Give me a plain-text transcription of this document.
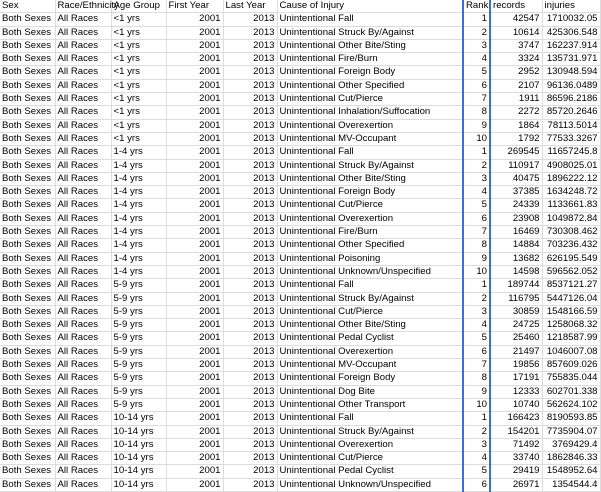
Sex	Race/Ethnicity	Age Group	First Year	Last Year	Cause of Injury	Rank	records	injuries
Both Sexes	All Races	<1 yrs	2001	2013	Unintentional Fall	1	42547	1710032.05
Both Sexes	All Races	<1 yrs	2001	2013	Unintentional Struck By/Against	2	10614	425306.548
Both Sexes	All Races	<1 yrs	2001	2013	Unintentional Other Bite/Sting	3	3747	162237.914
Both Sexes	All Races	<1 yrs	2001	2013	Unintentional Fire/Burn	4	3324	135731.971
Both Sexes	All Races	<1 yrs	2001	2013	Unintentional Foreign Body	5	2952	130948.594
Both Sexes	All Races	<1 yrs	2001	2013	Unintentional Other Specified	6	2107	96136.0489
Both Sexes	All Races	<1 yrs	2001	2013	Unintentional Cut/Pierce	7	1911	86596.2186
Both Sexes	All Races	<1 yrs	2001	2013	Unintentional Inhalation/Suffocation	8	2272	85720.2646
Both Sexes	All Races	<1 yrs	2001	2013	Unintentional Overexertion	9	1864	78113.5014
Both Sexes	All Races	<1 yrs	2001	2013	Unintentional MV-Occupant	10	1792	77533.3267
Both Sexes	All Races	1-4 yrs	2001	2013	Unintentional Fall	1	269545	11657245.8
Both Sexes	All Races	1-4 yrs	2001	2013	Unintentional Struck By/Against	2	110917	4908025.01
Both Sexes	All Races	1-4 yrs	2001	2013	Unintentional Other Bite/Sting	3	40475	1896222.12
Both Sexes	All Races	1-4 yrs	2001	2013	Unintentional Foreign Body	4	37385	1634248.72
Both Sexes	All Races	1-4 yrs	2001	2013	Unintentional Cut/Pierce	5	24339	1133661.83
Both Sexes	All Races	1-4 yrs	2001	2013	Unintentional Overexertion	6	23908	1049872.84
Both Sexes	All Races	1-4 yrs	2001	2013	Unintentional Fire/Burn	7	16469	730308.462
Both Sexes	All Races	1-4 yrs	2001	2013	Unintentional Other Specified	8	14884	703236.432
Both Sexes	All Races	1-4 yrs	2001	2013	Unintentional Poisoning	9	13682	626195.549
Both Sexes	All Races	1-4 yrs	2001	2013	Unintentional Unknown/Unspecified	10	14598	596562.052
Both Sexes	All Races	5-9 yrs	2001	2013	Unintentional Fall	1	189744	8537121.27
Both Sexes	All Races	5-9 yrs	2001	2013	Unintentional Struck By/Against	2	116795	5447126.04
Both Sexes	All Races	5-9 yrs	2001	2013	Unintentional Cut/Pierce	3	30859	1548166.59
Both Sexes	All Races	5-9 yrs	2001	2013	Unintentional Other Bite/Sting	4	24725	1258068.32
Both Sexes	All Races	5-9 yrs	2001	2013	Unintentional Pedal Cyclist	5	25460	1218587.99
Both Sexes	All Races	5-9 yrs	2001	2013	Unintentional Overexertion	6	21497	1046007.08
Both Sexes	All Races	5-9 yrs	2001	2013	Unintentional MV-Occupant	7	19856	857609.026
Both Sexes	All Races	5-9 yrs	2001	2013	Unintentional Foreign Body	8	17191	755835.044
Both Sexes	All Races	5-9 yrs	2001	2013	Unintentional Dog Bite	9	12333	602701.338
Both Sexes	All Races	5-9 yrs	2001	2013	Unintentional Other Transport	10	10740	562624.102
Both Sexes	All Races	10-14 yrs	2001	2013	Unintentional Fall	1	166423	8190593.85
Both Sexes	All Races	10-14 yrs	2001	2013	Unintentional Struck By/Against	2	154201	7735904.07
Both Sexes	All Races	10-14 yrs	2001	2013	Unintentional Overexertion	3	71492	3769429.4
Both Sexes	All Races	10-14 yrs	2001	2013	Unintentional Cut/Pierce	4	33740	1862846.33
Both Sexes	All Races	10-14 yrs	2001	2013	Unintentional Pedal Cyclist	5	29419	1548952.64
Both Sexes	All Races	10-14 yrs	2001	2013	Unintentional Unknown/Unspecified	6	26971	1354544.4
